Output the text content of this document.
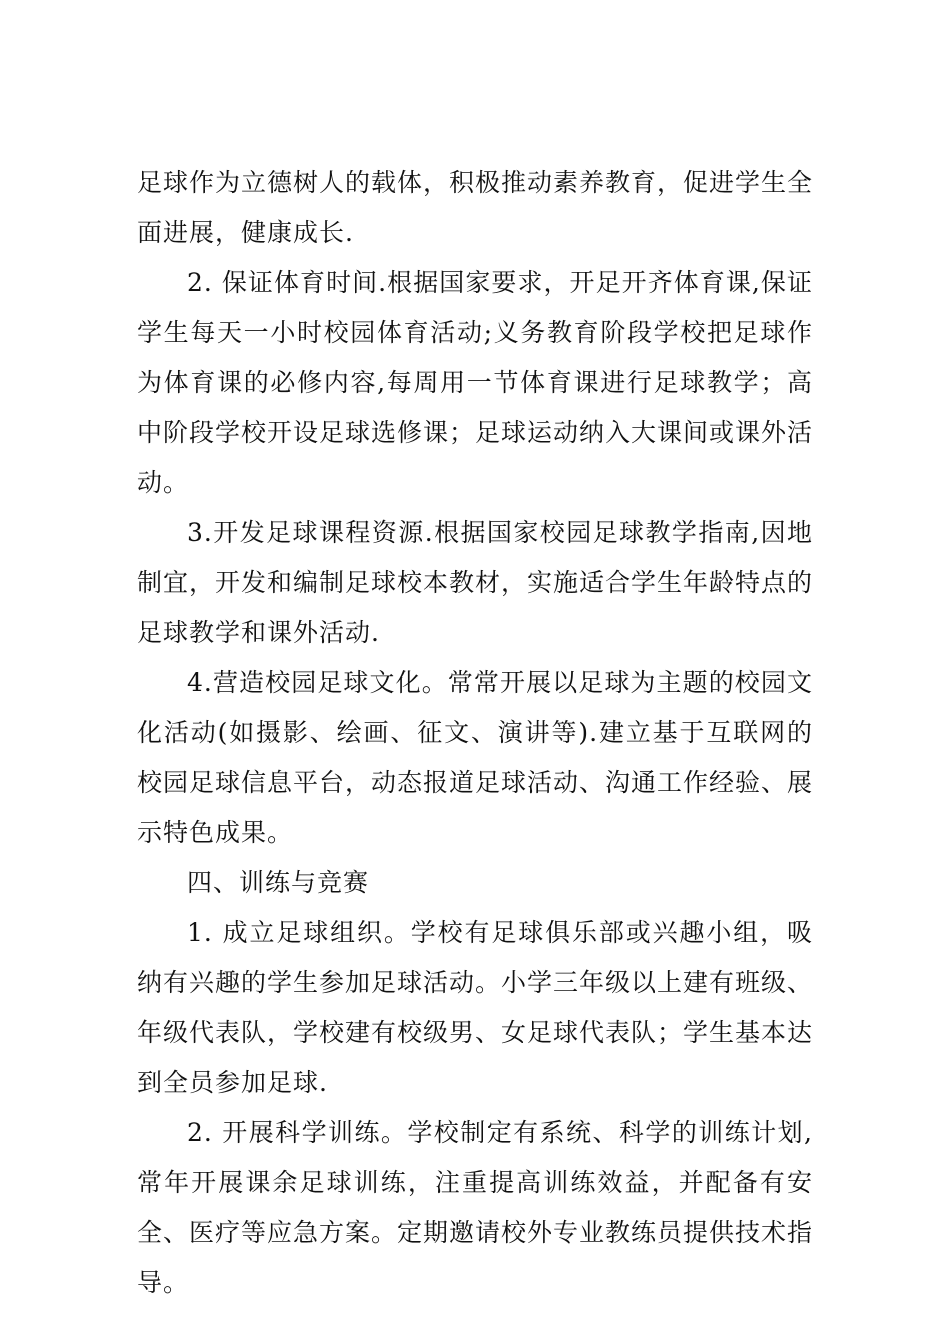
足球作为立德树人的载体，积极推动素养教育，促进学生全面进展，健康成长.

2. 保证体育时间.根据国家要求，开足开齐体育课,保证学生每天一小时校园体育活动;义务教育阶段学校把足球作为体育课的必修内容,每周用一节体育课进行足球教学；高中阶段学校开设足球选修课；足球运动纳入大课间或课外活动。

3.开发足球课程资源.根据国家校园足球教学指南,因地制宜，开发和编制足球校本教材，实施适合学生年龄特点的足球教学和课外活动.

4.营造校园足球文化。常常开展以足球为主题的校园文化活动(如摄影、绘画、征文、演讲等).建立基于互联网的校园足球信息平台，动态报道足球活动、沟通工作经验、展示特色成果。

四、训练与竞赛

1. 成立足球组织。学校有足球俱乐部或兴趣小组，吸纳有兴趣的学生参加足球活动。小学三年级以上建有班级、年级代表队，学校建有校级男、女足球代表队；学生基本达到全员参加足球.

2. 开展科学训练。学校制定有系统、科学的训练计划,常年开展课余足球训练，注重提高训练效益，并配备有安全、医疗等应急方案。定期邀请校外专业教练员提供技术指导。
